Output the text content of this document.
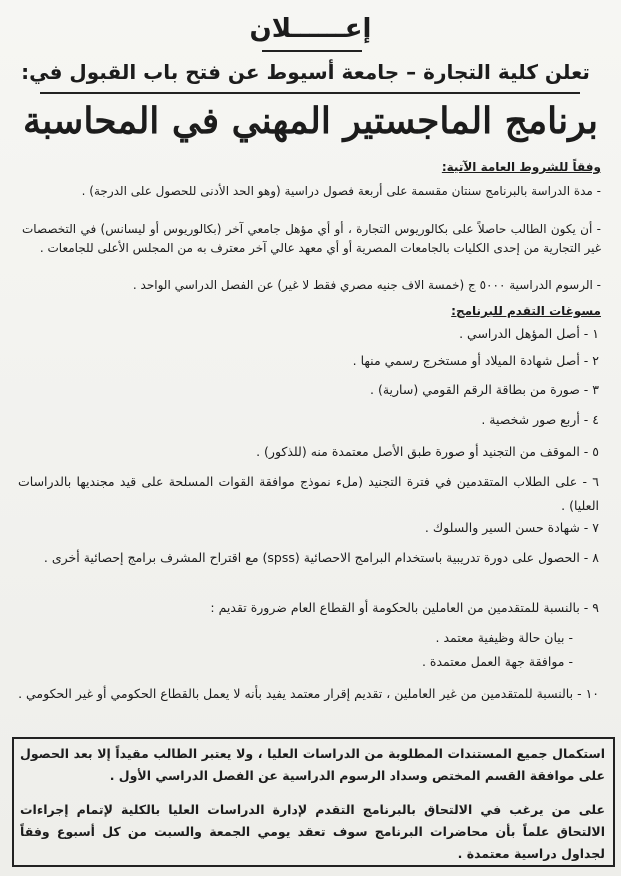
إعــــــلان
تعلن كلية التجارة – جامعة أسيوط عن فتح باب القبول في:
برنامج الماجستير المهني في المحاسبة
وفقاً للشروط العامة الآتية:
- مدة الدراسة بالبرنامج سنتان مقسمة على أربعة فصول دراسية (وهو الحد الأدنى للحصول على الدرجة) .
- أن يكون الطالب حاصلاً على بكالوريوس التجارة ، أو أي مؤهل جامعي آخر (بكالوريوس أو ليسانس) في التخصصات غير التجارية من إحدى الكليات بالجامعات المصرية أو أي معهد عالي آخر معترف به من المجلس الأعلى للجامعات .
- الرسوم الدراسية ٥٠٠٠ ج (خمسة الاف جنيه مصري فقط لا غير) عن الفصل الدراسي الواحد .
مسوغات التقدم للبرنامج:
١ - أصل المؤهل الدراسي .
٢ - أصل شهادة الميلاد أو مستخرج رسمي منها .
٣ - صورة من بطاقة الرقم القومي (سارية) .
٤ - أربع صور شخصية .
٥ - الموقف من التجنيد أو صورة طبق الأصل معتمدة منه (للذكور) .
٦ - على الطلاب المتقدمين في فترة التجنيد (ملء نموذج موافقة القوات المسلحة على قيد مجنديها بالدراسات العليا) .
٧ - شهادة حسن السير والسلوك .
٨ - الحصول على دورة تدريبية باستخدام البرامج الاحصائية (spss) مع اقتراح المشرف برامج إحصائية أخرى .
٩ - بالنسبة للمتقدمين من العاملين بالحكومة أو القطاع العام ضرورة تقديم :
- بيان حالة وظيفية معتمد .
- موافقة جهة العمل معتمدة .
١٠ - بالنسبة للمتقدمين من غير العاملين ، تقديم إقرار معتمد يفيد بأنه لا يعمل بالقطاع الحكومي أو غير الحكومي .
استكمال جميع المستندات المطلوبة من الدراسات العليا ، ولا يعتبر الطالب مقيداً إلا بعد الحصول على موافقة القسم المختص وسداد الرسوم الدراسية عن الفصل الدراسي الأول .
على من يرغب في الالتحاق بالبرنامج التقدم لإدارة الدراسات العليا بالكلية لإتمام إجراءات الالتحاق علماً بأن محاضرات البرنامج سوف تعقد يومي الجمعة والسبت من كل أسبوع وفقاً لجداول دراسية معتمدة .
